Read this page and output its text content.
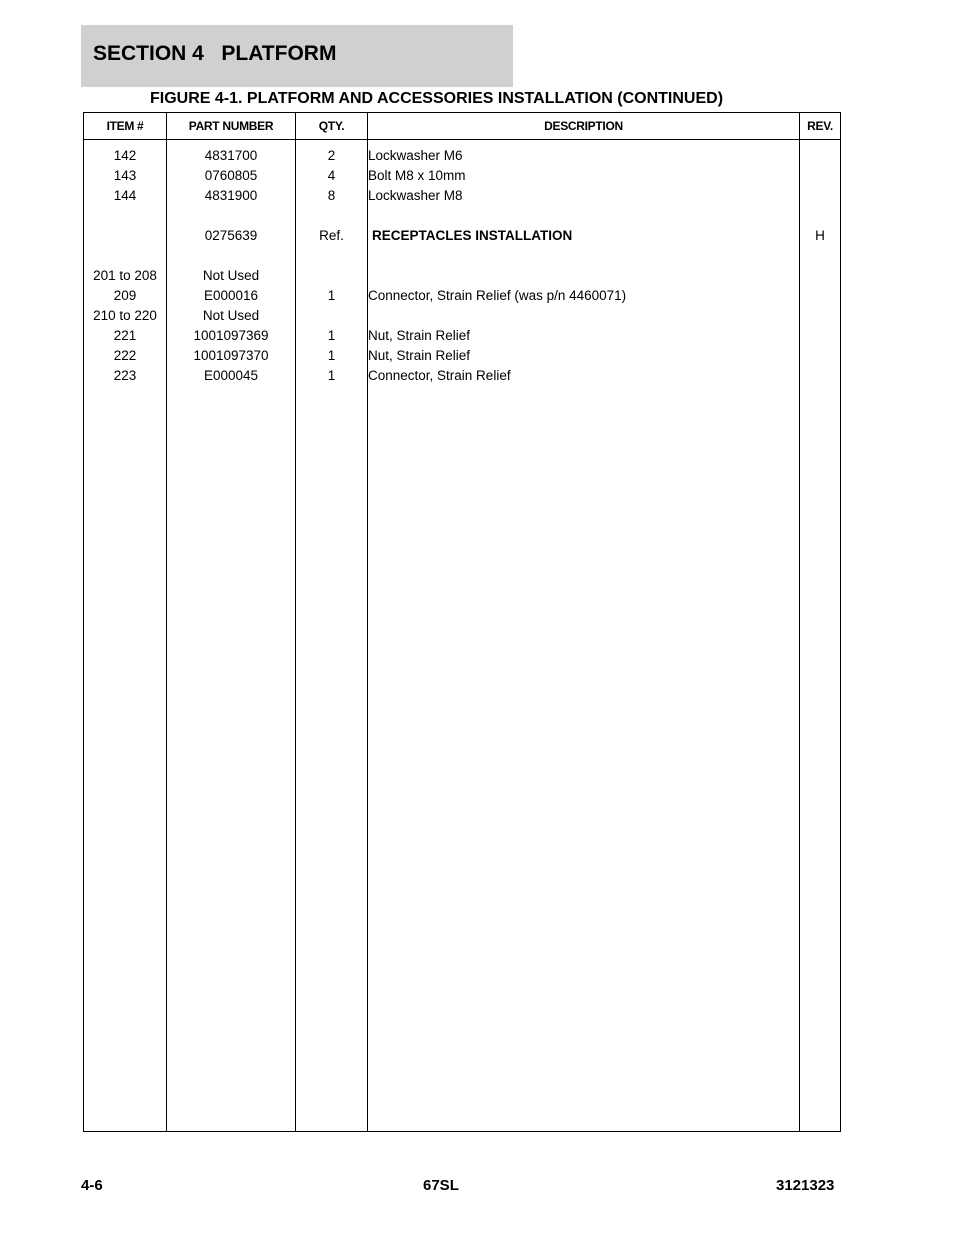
SECTION 4   PLATFORM
FIGURE 4-1. PLATFORM AND ACCESSORIES INSTALLATION (CONTINUED)
ITEM #	PART NUMBER	QTY.	DESCRIPTION	REV.

142	4831700	2	Lockwasher M6	
143	0760805	4	Bolt M8 x 10mm	
144	4831900	8	Lockwasher M8	

	0275639	Ref.	RECEPTACLES INSTALLATION	H

201 to 208	Not Used			
209	E000016	1	Connector, Strain Relief (was p/n 4460071)	
210 to 220	Not Used			
221	1001097369	1	Nut, Strain Relief	
222	1001097370	1	Nut, Strain Relief	
223	E000045	1	Connector, Strain Relief	

4-6	67SL	3121323
